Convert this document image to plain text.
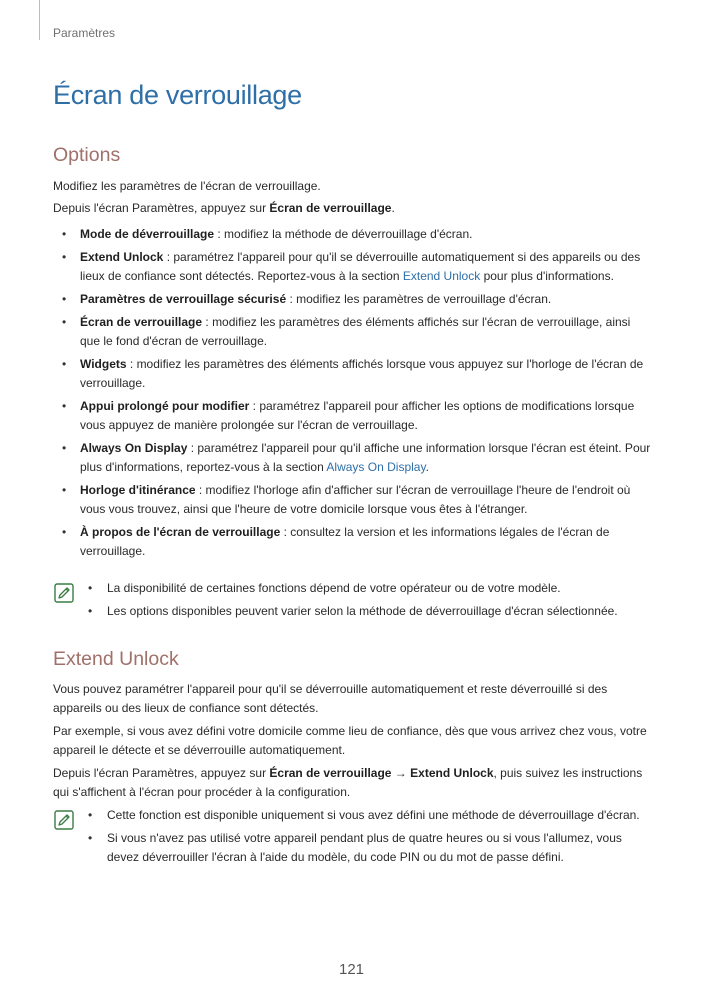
Paramètres
Écran de verrouillage
Options

Modifiez les paramètres de l'écran de verrouillage.

Depuis l'écran Paramètres, appuyez sur Écran de verrouillage.

• Mode de déverrouillage : modifiez la méthode de déverrouillage d'écran.
• Extend Unlock : paramétrez l'appareil pour qu'il se déverrouille automatiquement si des appareils ou des lieux de confiance sont détectés. Reportez-vous à la section Extend Unlock pour plus d'informations.
• Paramètres de verrouillage sécurisé : modifiez les paramètres de verrouillage d'écran.
• Écran de verrouillage : modifiez les paramètres des éléments affichés sur l'écran de verrouillage, ainsi que le fond d'écran de verrouillage.
• Widgets : modifiez les paramètres des éléments affichés lorsque vous appuyez sur l'horloge de l'écran de verrouillage.
• Appui prolongé pour modifier : paramétrez l'appareil pour afficher les options de modifications lorsque vous appuyez de manière prolongée sur l'écran de verrouillage.
• Always On Display : paramétrez l'appareil pour qu'il affiche une information lorsque l'écran est éteint. Pour plus d'informations, reportez-vous à la section Always On Display.
• Horloge d'itinérance : modifiez l'horloge afin d'afficher sur l'écran de verrouillage l'heure de l'endroit où vous vous trouvez, ainsi que l'heure de votre domicile lorsque vous êtes à l'étranger.
• À propos de l'écran de verrouillage : consultez la version et les informations légales de l'écran de verrouillage.
• La disponibilité de certaines fonctions dépend de votre opérateur ou de votre modèle.
• Les options disponibles peuvent varier selon la méthode de déverrouillage d'écran sélectionnée.
Extend Unlock

Vous pouvez paramétrer l'appareil pour qu'il se déverrouille automatiquement et reste déverrouillé si des appareils ou des lieux de confiance sont détectés.

Par exemple, si vous avez défini votre domicile comme lieu de confiance, dès que vous arrivez chez vous, votre appareil le détecte et se déverrouille automatiquement.

Depuis l'écran Paramètres, appuyez sur Écran de verrouillage → Extend Unlock, puis suivez les instructions qui s'affichent à l'écran pour procéder à la configuration.

• Cette fonction est disponible uniquement si vous avez défini une méthode de déverrouillage d'écran.
• Si vous n'avez pas utilisé votre appareil pendant plus de quatre heures ou si vous l'allumez, vous devez déverrouiller l'écran à l'aide du modèle, du code PIN ou du mot de passe défini.
121
